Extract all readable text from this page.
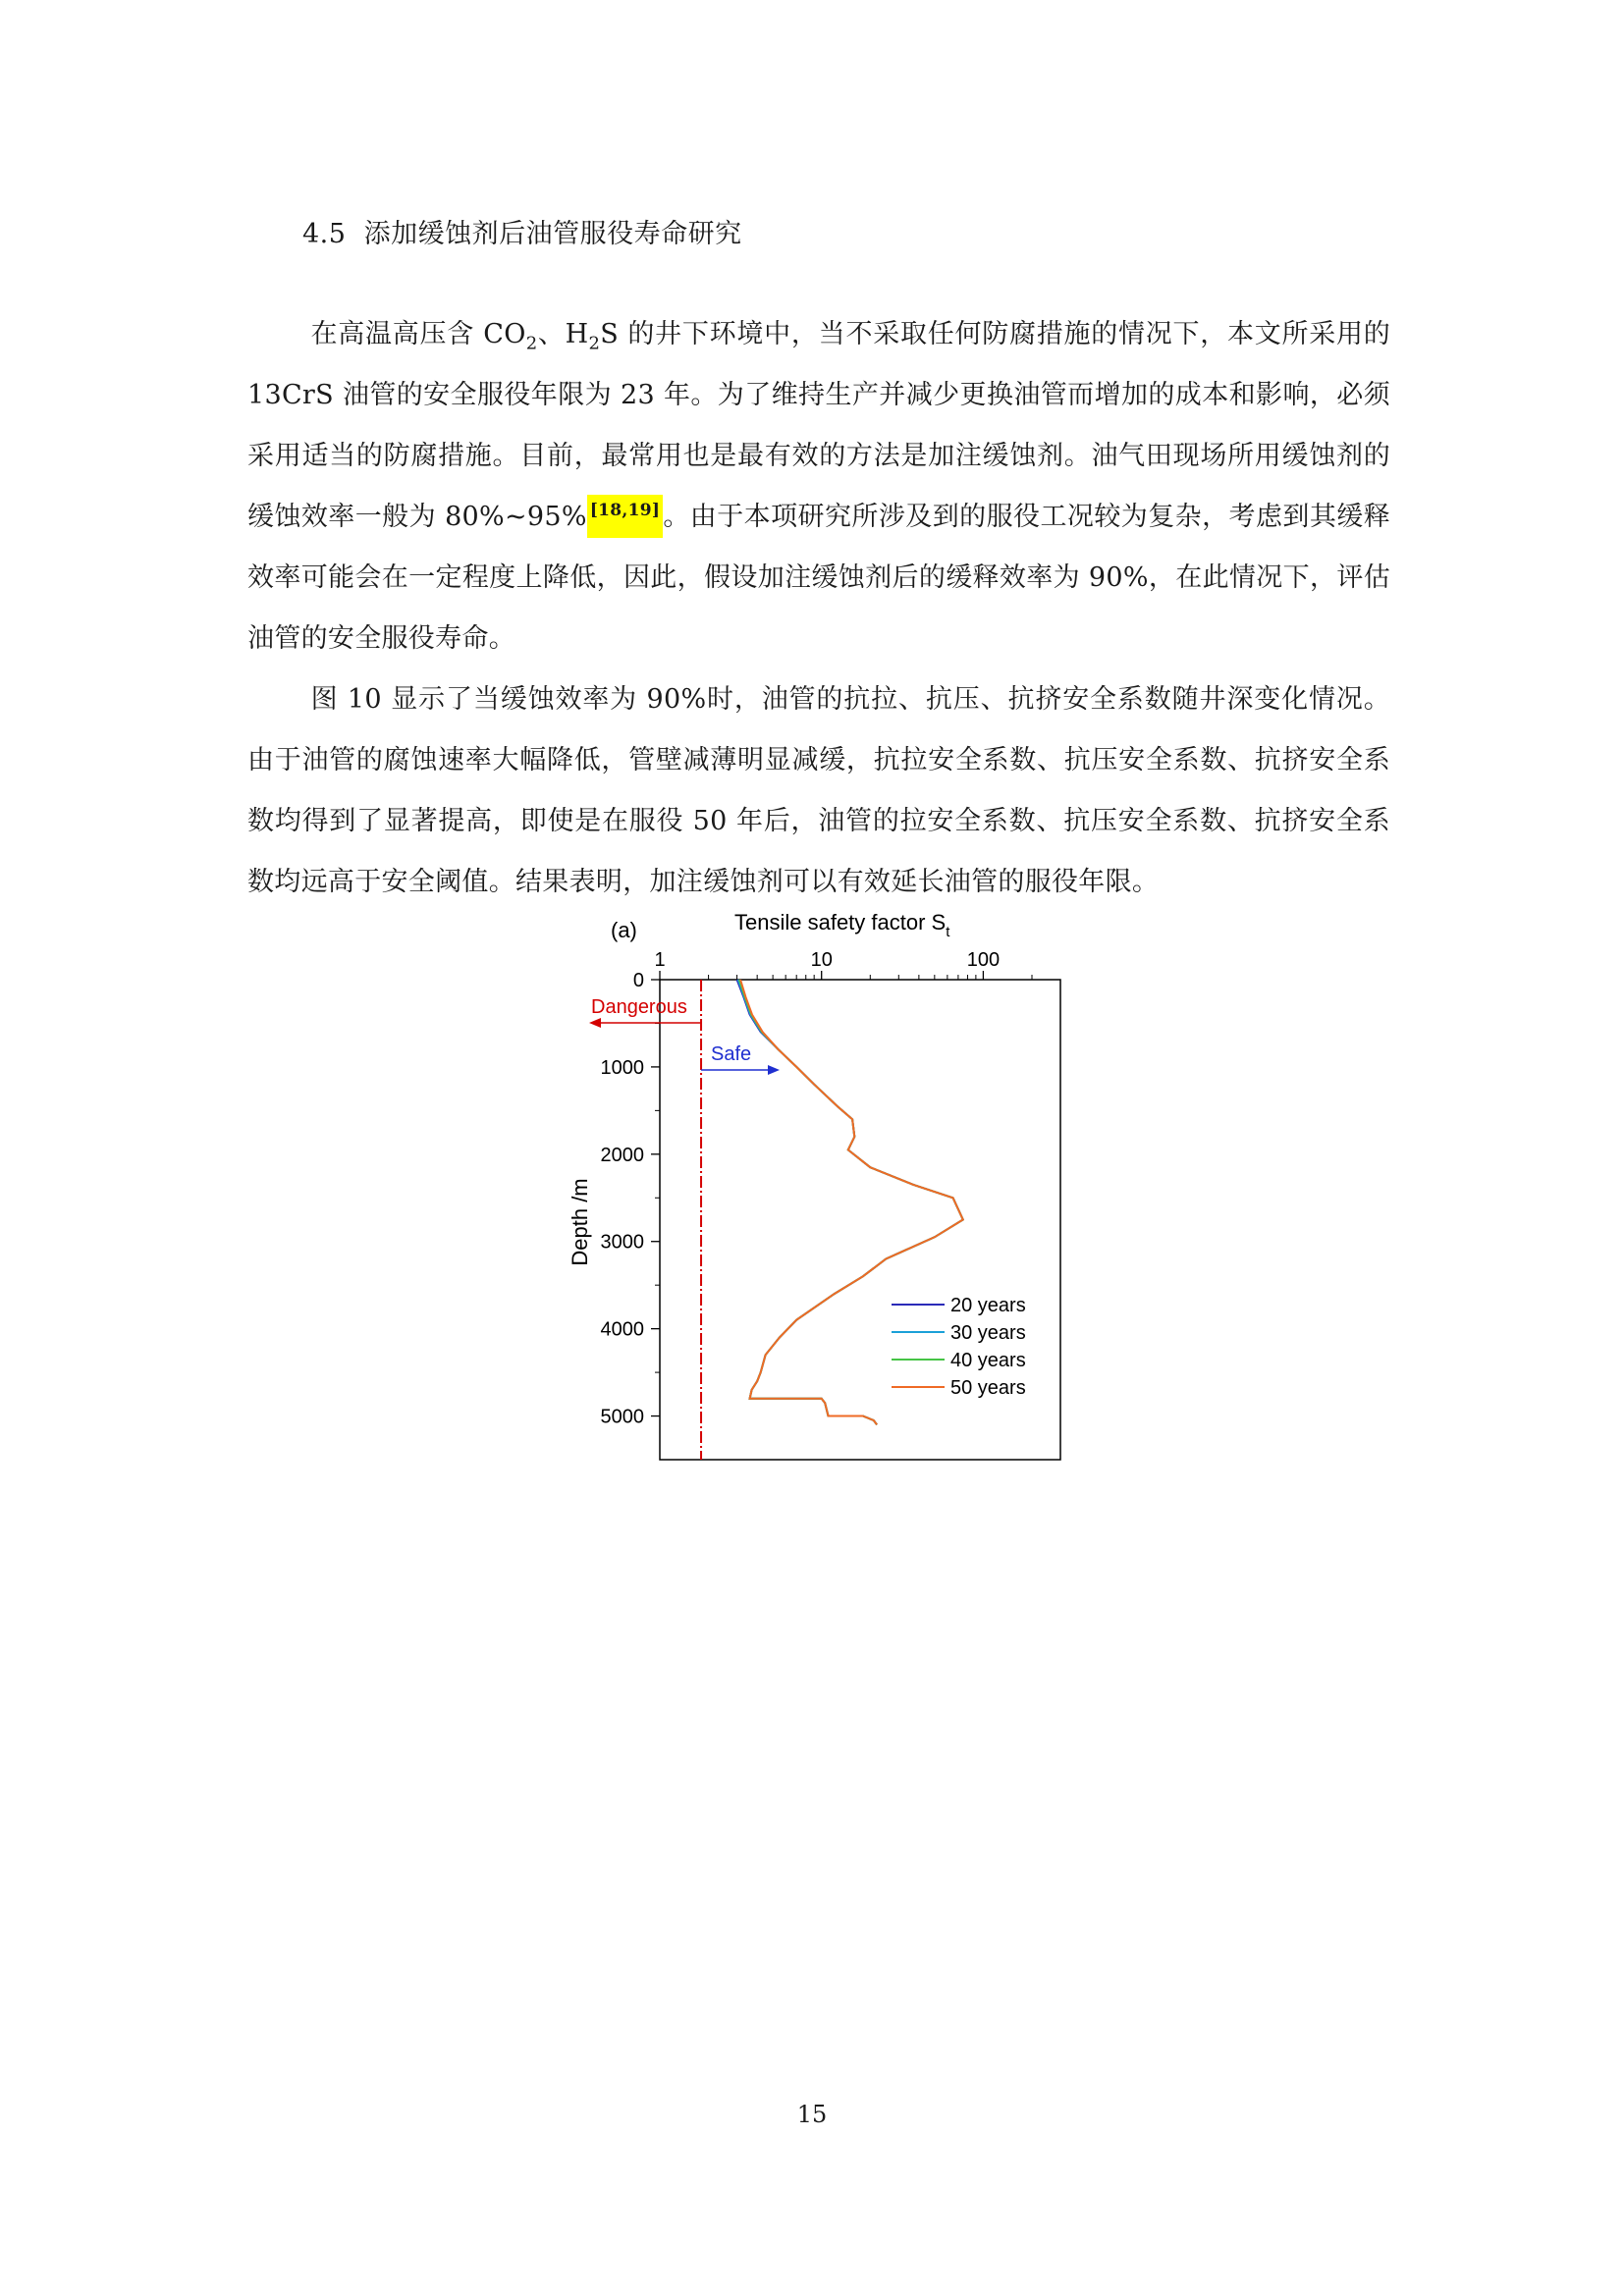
4.5 添加缓蚀剂后油管服役寿命研究

在高温高压含 $CO_2$、$H_2S$ 的井下环境中，当不采取任何防腐措施的情况下，本文所采用的 13CrS 油管的安全服役年限为 23 年。为了维持生产并减少更换油管而增加的成本和影响，必须采用适当的防腐措施。目前，最常用也是最有效的方法是加注缓蚀剂。油气田现场所用缓蚀剂的缓蚀效率一般为 80%~95% [18,19] 。由于本项研究所涉及到的服役工况较为复杂，考虑到其缓释效率可能会在一定程度上降低，因此，假设加注缓蚀剂后的缓释效率为 90%，在此情况下，评估油管的安全服役寿命。

图 10 显示了当缓蚀效率为 90%时，油管的抗拉、抗压、抗挤安全系数随井深变化情况。由于油管的腐蚀速率大幅降低，管壁减薄明显减缓，抗拉安全系数、抗压安全系数、抗挤安全系数均得到了显著提高，即使是在服役 50 年后，油管的拉安全系数、抗压安全系数、抗挤安全系数均远高于安全阈值。结果表明，加注缓蚀剂可以有效延长油管的服役年限。

(a)	Tensile safety factor $S_t$
Depth /m
1	10	100
0
1000
2000
3000
4000
5000
Dangerous
Safe
20 years
30 years
40 years
50 years
15
